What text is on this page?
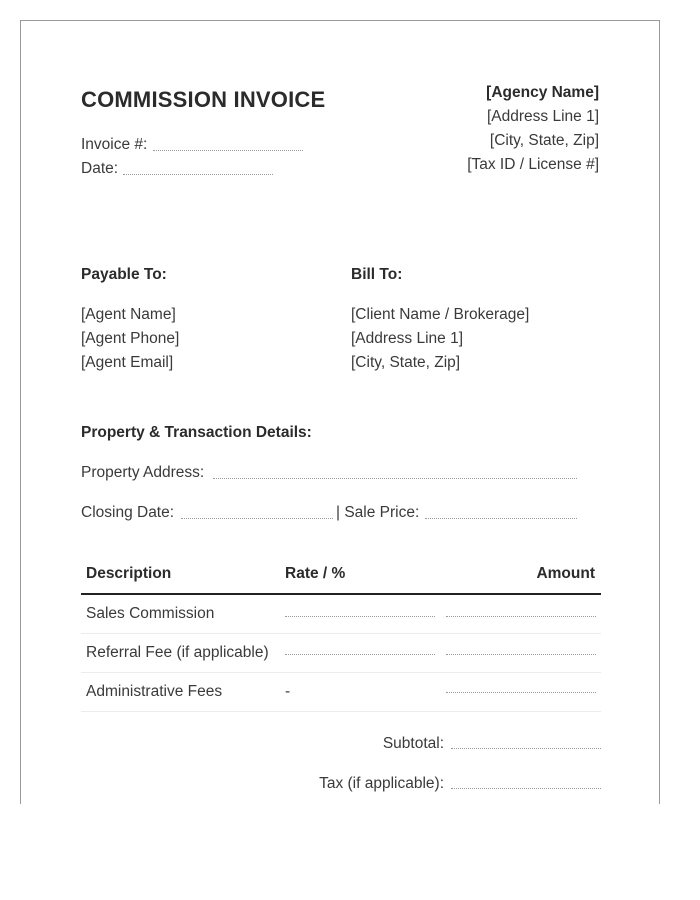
COMMISSION INVOICE
Invoice #:
Date:
[Agency Name]
[Address Line 1]
[City, State, Zip]
[Tax ID / License #]
Payable To:
[Agent Name]
[Agent Phone]
[Agent Email]
Bill To:
[Client Name / Brokerage]
[Address Line 1]
[City, State, Zip]
Property & Transaction Details:
Property Address:
Closing Date:	| Sale Price:
Description	Rate / %	Amount
Sales Commission
Referral Fee (if applicable)
Administrative Fees	-
Subtotal:
Tax (if applicable):
